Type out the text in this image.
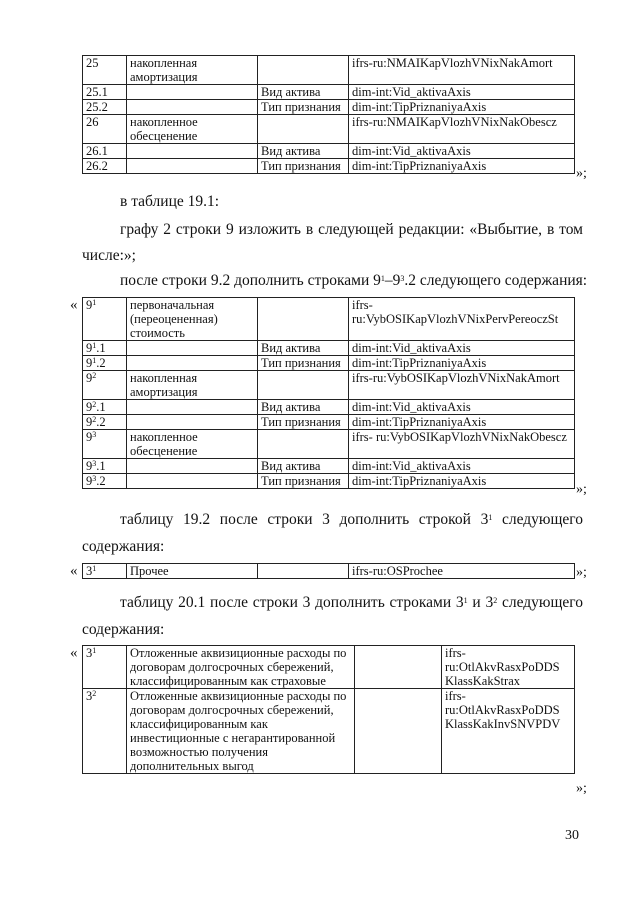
25	накопленная амортизация		ifrs-ru:NMAIKapVlozhVNixNakAmort
25.1		Вид актива	dim-int:Vid_aktivaAxis
25.2		Тип признания	dim-int:TipPriznaniyaAxis
26	накопленное обесценение		ifrs-ru:NMAIKapVlozhVNixNakObescz
26.1		Вид актива	dim-int:Vid_aktivaAxis
26.2		Тип признания	dim-int:TipPriznaniyaAxis	»;
в таблице 19.1:
графу 2 строки 9 изложить в следующей редакции: «Выбытие, в том
числе:»;
после строки 9.2 дополнить строками $9^1-9^3.2$ следующего содержания:
« $9^1$	первоначальная (переоцененная) стоимость		ifrs- ru:VybOSIKapVlozhVNixPervPereoczSt
$9^1.1$		Вид актива	dim-int:Vid_aktivaAxis
$9^1.2$		Тип признания	dim-int:TipPriznaniyaAxis
$9^2$	накопленная амортизация		ifrs-ru:VybOSIKapVlozhVNixNakAmort
$9^2.1$		Вид актива	dim-int:Vid_aktivaAxis
$9^2.2$		Тип признания	dim-int:TipPriznaniyaAxis
$9^3$	накопленное обесценение		ifrs- ru:VybOSIKapVlozhVNixNakObescz
$9^3.1$		Вид актива	dim-int:Vid_aktivaAxis
$9^3.2$		Тип признания	dim-int:TipPriznaniyaAxis
»;
таблицу 19.2 после строки 3 дополнить строкой $3^1$ следующего
содержания:
« $3^1$	Прочее		ifrs-ru:OSProchee	»;
таблицу 20.1 после строки 3 дополнить строками $3^1$ и $3^2$ следующего
содержания:
« $3^1$	Отложенные аквизиционные расходы по договорам долгосрочных сбережений, классифицированным как страховые		ifrs- ru:OtlAkvRasxPoDDS KlassKakStrax
$3^2$	Отложенные аквизиционные расходы по договорам долгосрочных сбережений, классифицированным как инвестиционные с негарантированной возможностью получения дополнительных выгод		ifrs- ru:OtlAkvRasxPoDDS KlassKakInvSNVPDV
»;
30
